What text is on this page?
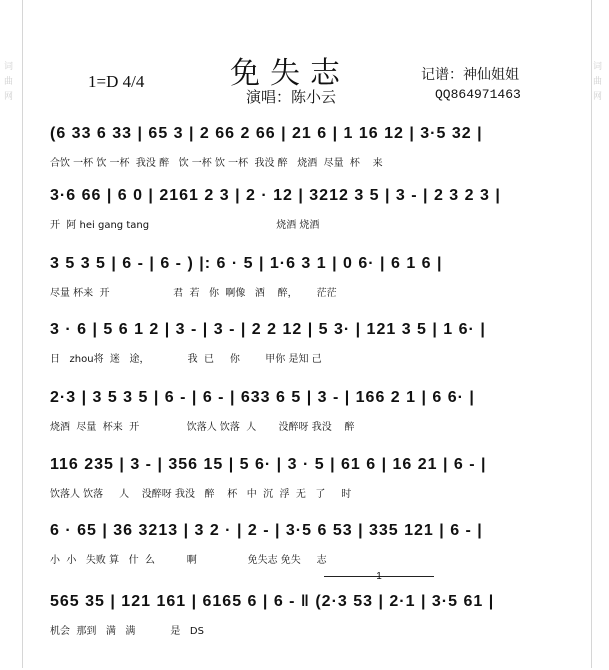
词
曲
网
词
曲
网
免失志
1=D 4/4
演唱：陈小云
记谱：神仙姐姐
QQ864971463
(6 33 6 33 | 65 3 | 2 66 2 66 | 21 6 | 1 16 12 | 3·5 32 |
合饮 一杯 饮 一杯  我没 醉   饮 一杯 饮 一杯  我没 醉   烧酒  尽量  杯    来
3·6 66 | 6 0 | 2161 2 3 | 2 · 12 | 3212 3 5 | 3 - | 2 3 2 3 |
开  阿 hei gang tang                                        烧酒 烧酒
3 5 3 5 | 6 - | 6 - ) |: 6 · 5 | 1·6 3 1 | 0 6· | 6 1 6 |
尽量 杯来  开                    君  若   你  啊像   酒    醉，      茫茫
3 · 6 | 5 6 1 2 | 3 - | 3 - | 2 2 12 | 5 3· | 121 3 5 | 1 6· |
日   zhou将  迷   途，            我  已     你        甲你 是知 己
2·3 | 3 5 3 5 | 6 - | 6 - | 633 6 5 | 3 - | 166 2 1 | 6 6· |
烧酒  尽量  杯来  开               饮落人 饮落  人       没醉呀 我没    醉
116 235 | 3 - | 356 15 | 5 6· | 3 · 5 | 61 6 | 16 21 | 6 - |
饮落人 饮落     人    没醉呀 我没   醉    杯   中  沉  浮  无   了     时
6 · 65 | 36 3213 | 3 2 · | 2 - | 3·5 6 53 | 335 121 | 6 - |
小  小   失败 算   什  么          啊                免失志 免失     志
1
565 35 | 121 161 | 6165 6 | 6 - ‖ (2·3 53 | 2·1 | 3·5 61 |
机会  那到   满   满           是   DS
